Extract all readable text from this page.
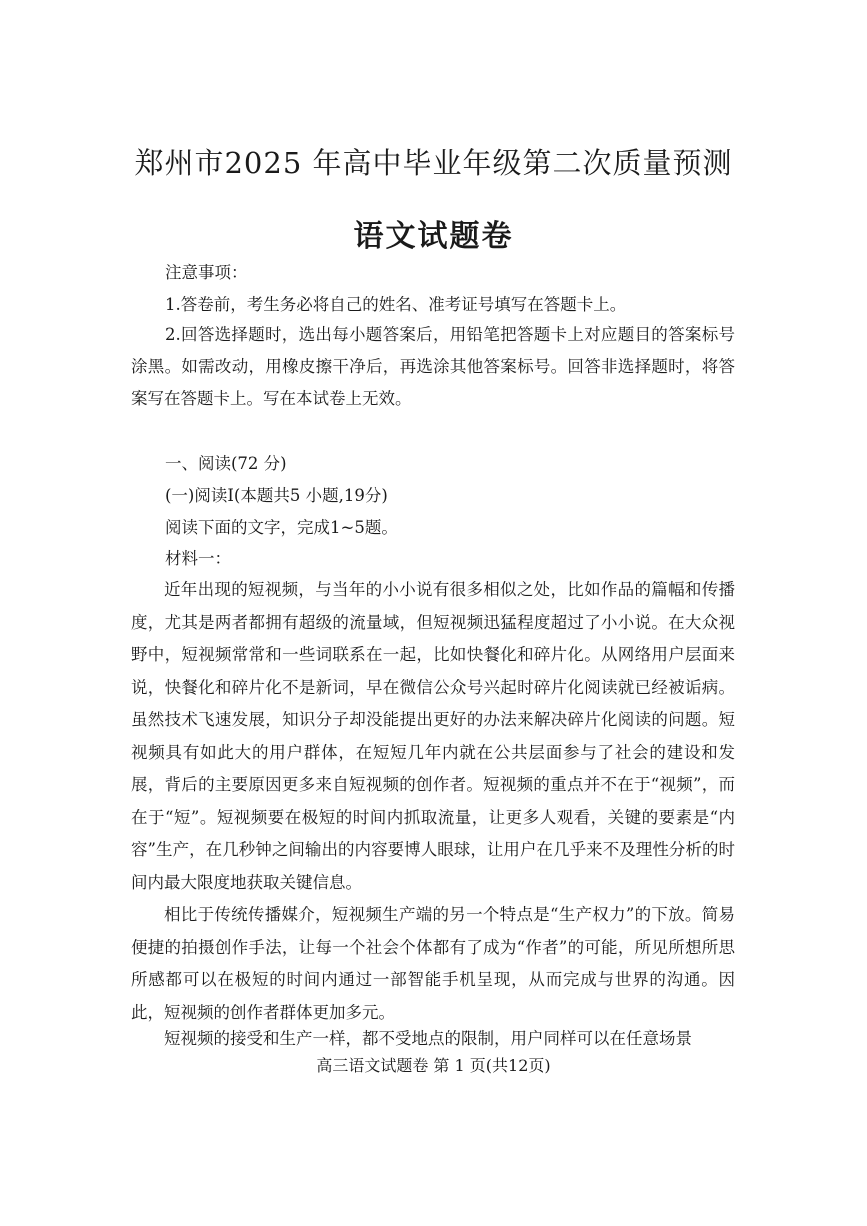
郑州市2025 年高中毕业年级第二次质量预测
语文试题卷

注意事项：

1.答卷前，考生务必将自己的姓名、准考证号填写在答题卡上。

2.回答选择题时，选出每小题答案后，用铅笔把答题卡上对应题目的答案标号涂黑。如需改动，用橡皮擦干净后，再选涂其他答案标号。回答非选择题时，将答案写在答题卡上。写在本试卷上无效。

一、阅读(72 分)

(一)阅读Ⅰ(本题共5 小题,19分)

阅读下面的文字，完成1~5题。

材料一：

近年出现的短视频，与当年的小小说有很多相似之处，比如作品的篇幅和传播度，尤其是两者都拥有超级的流量域，但短视频迅猛程度超过了小小说。在大众视野中，短视频常常和一些词联系在一起，比如快餐化和碎片化。从网络用户层面来说，快餐化和碎片化不是新词，早在微信公众号兴起时碎片化阅读就已经被诟病。虽然技术飞速发展，知识分子却没能提出更好的办法来解决碎片化阅读的问题。短视频具有如此大的用户群体，在短短几年内就在公共层面参与了社会的建设和发展，背后的主要原因更多来自短视频的创作者。短视频的重点并不在于“视频”，而在于“短”。短视频要在极短的时间内抓取流量，让更多人观看，关键的要素是“内容”生产，在几秒钟之间输出的内容要博人眼球，让用户在几乎来不及理性分析的时间内最大限度地获取关键信息。

相比于传统传播媒介，短视频生产端的另一个特点是“生产权力”的下放。简易便捷的拍摄创作手法，让每一个社会个体都有了成为“作者”的可能，所见所想所思所感都可以在极短的时间内通过一部智能手机呈现，从而完成与世界的沟通。因此，短视频的创作者群体更加多元。

短视频的接受和生产一样，都不受地点的限制，用户同样可以在任意场景

高三语文试题卷 第 1 页(共12页)
